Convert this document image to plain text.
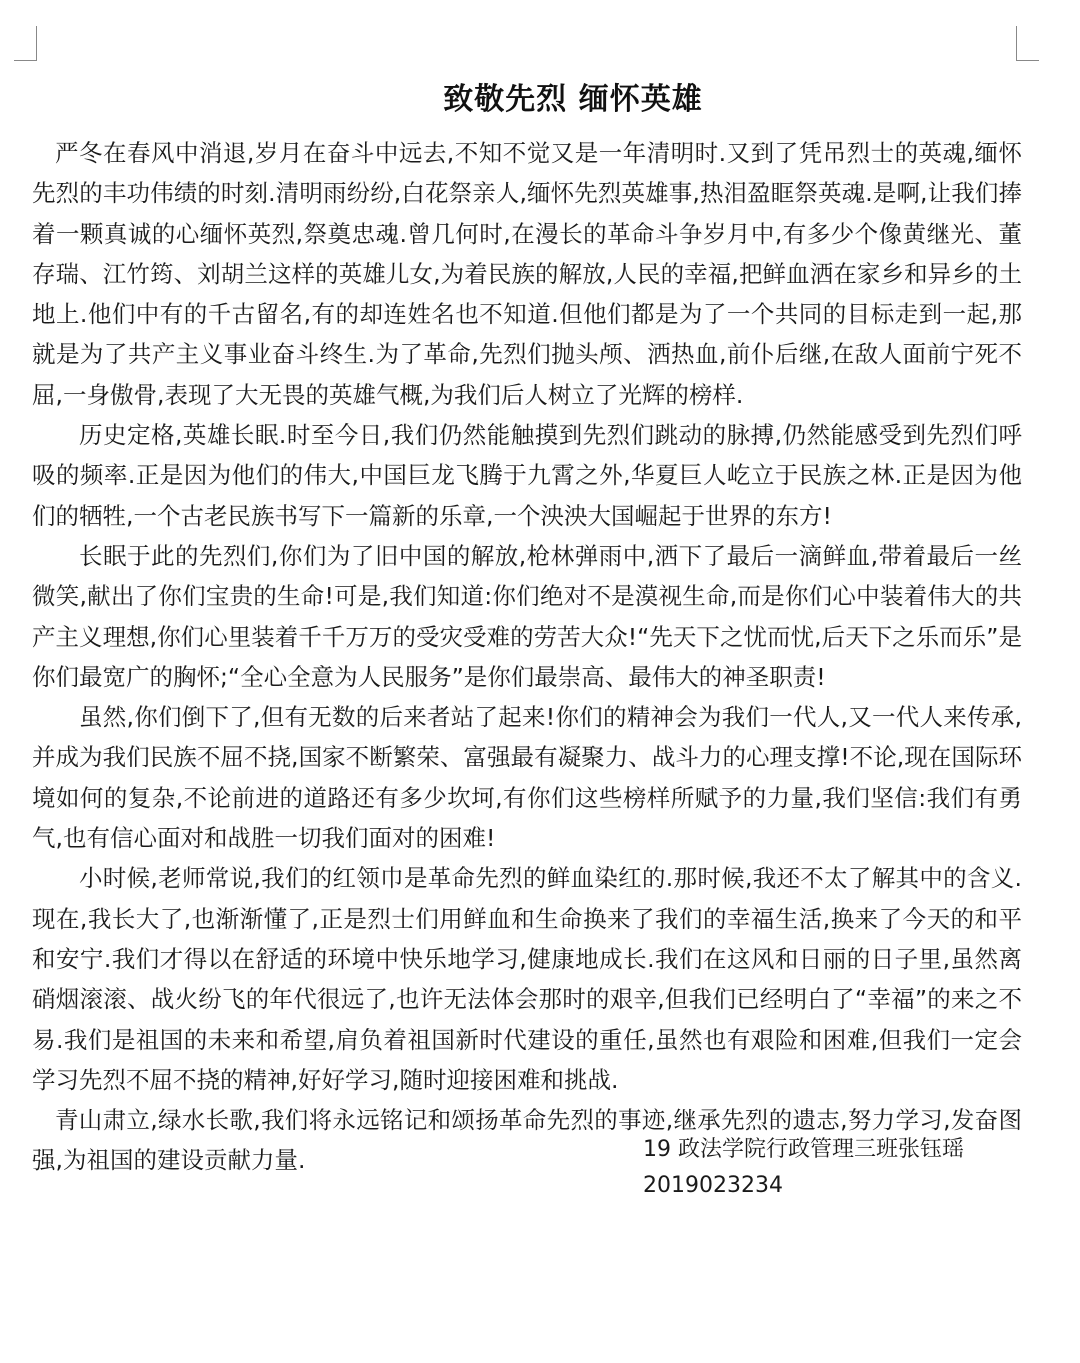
致敬先烈 缅怀英雄

严冬在春风中消退,岁月在奋斗中远去,不知不觉又是一年清明时.又到了凭吊烈士的英魂,缅怀先烈的丰功伟绩的时刻.清明雨纷纷,白花祭亲人,缅怀先烈英雄事,热泪盈眶祭英魂.是啊,让我们捧着一颗真诚的心缅怀英烈,祭奠忠魂.曾几何时,在漫长的革命斗争岁月中,有多少个像黄继光、董存瑞、江竹筠、刘胡兰这样的英雄儿女,为着民族的解放,人民的幸福,把鲜血洒在家乡和异乡的土地上.他们中有的千古留名,有的却连姓名也不知道.但他们都是为了一个共同的目标走到一起,那就是为了共产主义事业奋斗终生.为了革命,先烈们抛头颅、洒热血,前仆后继,在敌人面前宁死不屈,一身傲骨,表现了大无畏的英雄气概,为我们后人树立了光辉的榜样.

历史定格,英雄长眠.时至今日,我们仍然能触摸到先烈们跳动的脉搏,仍然能感受到先烈们呼吸的频率.正是因为他们的伟大,中国巨龙飞腾于九霄之外,华夏巨人屹立于民族之林.正是因为他们的牺牲,一个古老民族书写下一篇新的乐章,一个泱泱大国崛起于世界的东方!

长眠于此的先烈们,你们为了旧中国的解放,枪林弹雨中,洒下了最后一滴鲜血,带着最后一丝微笑,献出了你们宝贵的生命!可是,我们知道:你们绝对不是漠视生命,而是你们心中装着伟大的共产主义理想,你们心里装着千千万万的受灾受难的劳苦大众!“先天下之忧而忧,后天下之乐而乐”是你们最宽广的胸怀;“全心全意为人民服务”是你们最崇高、最伟大的神圣职责!

虽然,你们倒下了,但有无数的后来者站了起来!你们的精神会为我们一代人,又一代人来传承,并成为我们民族不屈不挠,国家不断繁荣、富强最有凝聚力、战斗力的心理支撑!不论,现在国际环境如何的复杂,不论前进的道路还有多少坎坷,有你们这些榜样所赋予的力量,我们坚信:我们有勇气,也有信心面对和战胜一切我们面对的困难!

小时候,老师常说,我们的红领巾是革命先烈的鲜血染红的.那时候,我还不太了解其中的含义.现在,我长大了,也渐渐懂了,正是烈士们用鲜血和生命换来了我们的幸福生活,换来了今天的和平和安宁.我们才得以在舒适的环境中快乐地学习,健康地成长.我们在这风和日丽的日子里,虽然离硝烟滚滚、战火纷飞的年代很远了,也许无法体会那时的艰辛,但我们已经明白了“幸福”的来之不易.我们是祖国的未来和希望,肩负着祖国新时代建设的重任,虽然也有艰险和困难,但我们一定会学习先烈不屈不挠的精神,好好学习,随时迎接困难和挑战.

青山肃立,绿水长歌,我们将永远铭记和颂扬革命先烈的事迹,继承先烈的遗志,努力学习,发奋图强,为祖国的建设贡献力量.	19 政法学院行政管理三班张钰瑶
2019023234
